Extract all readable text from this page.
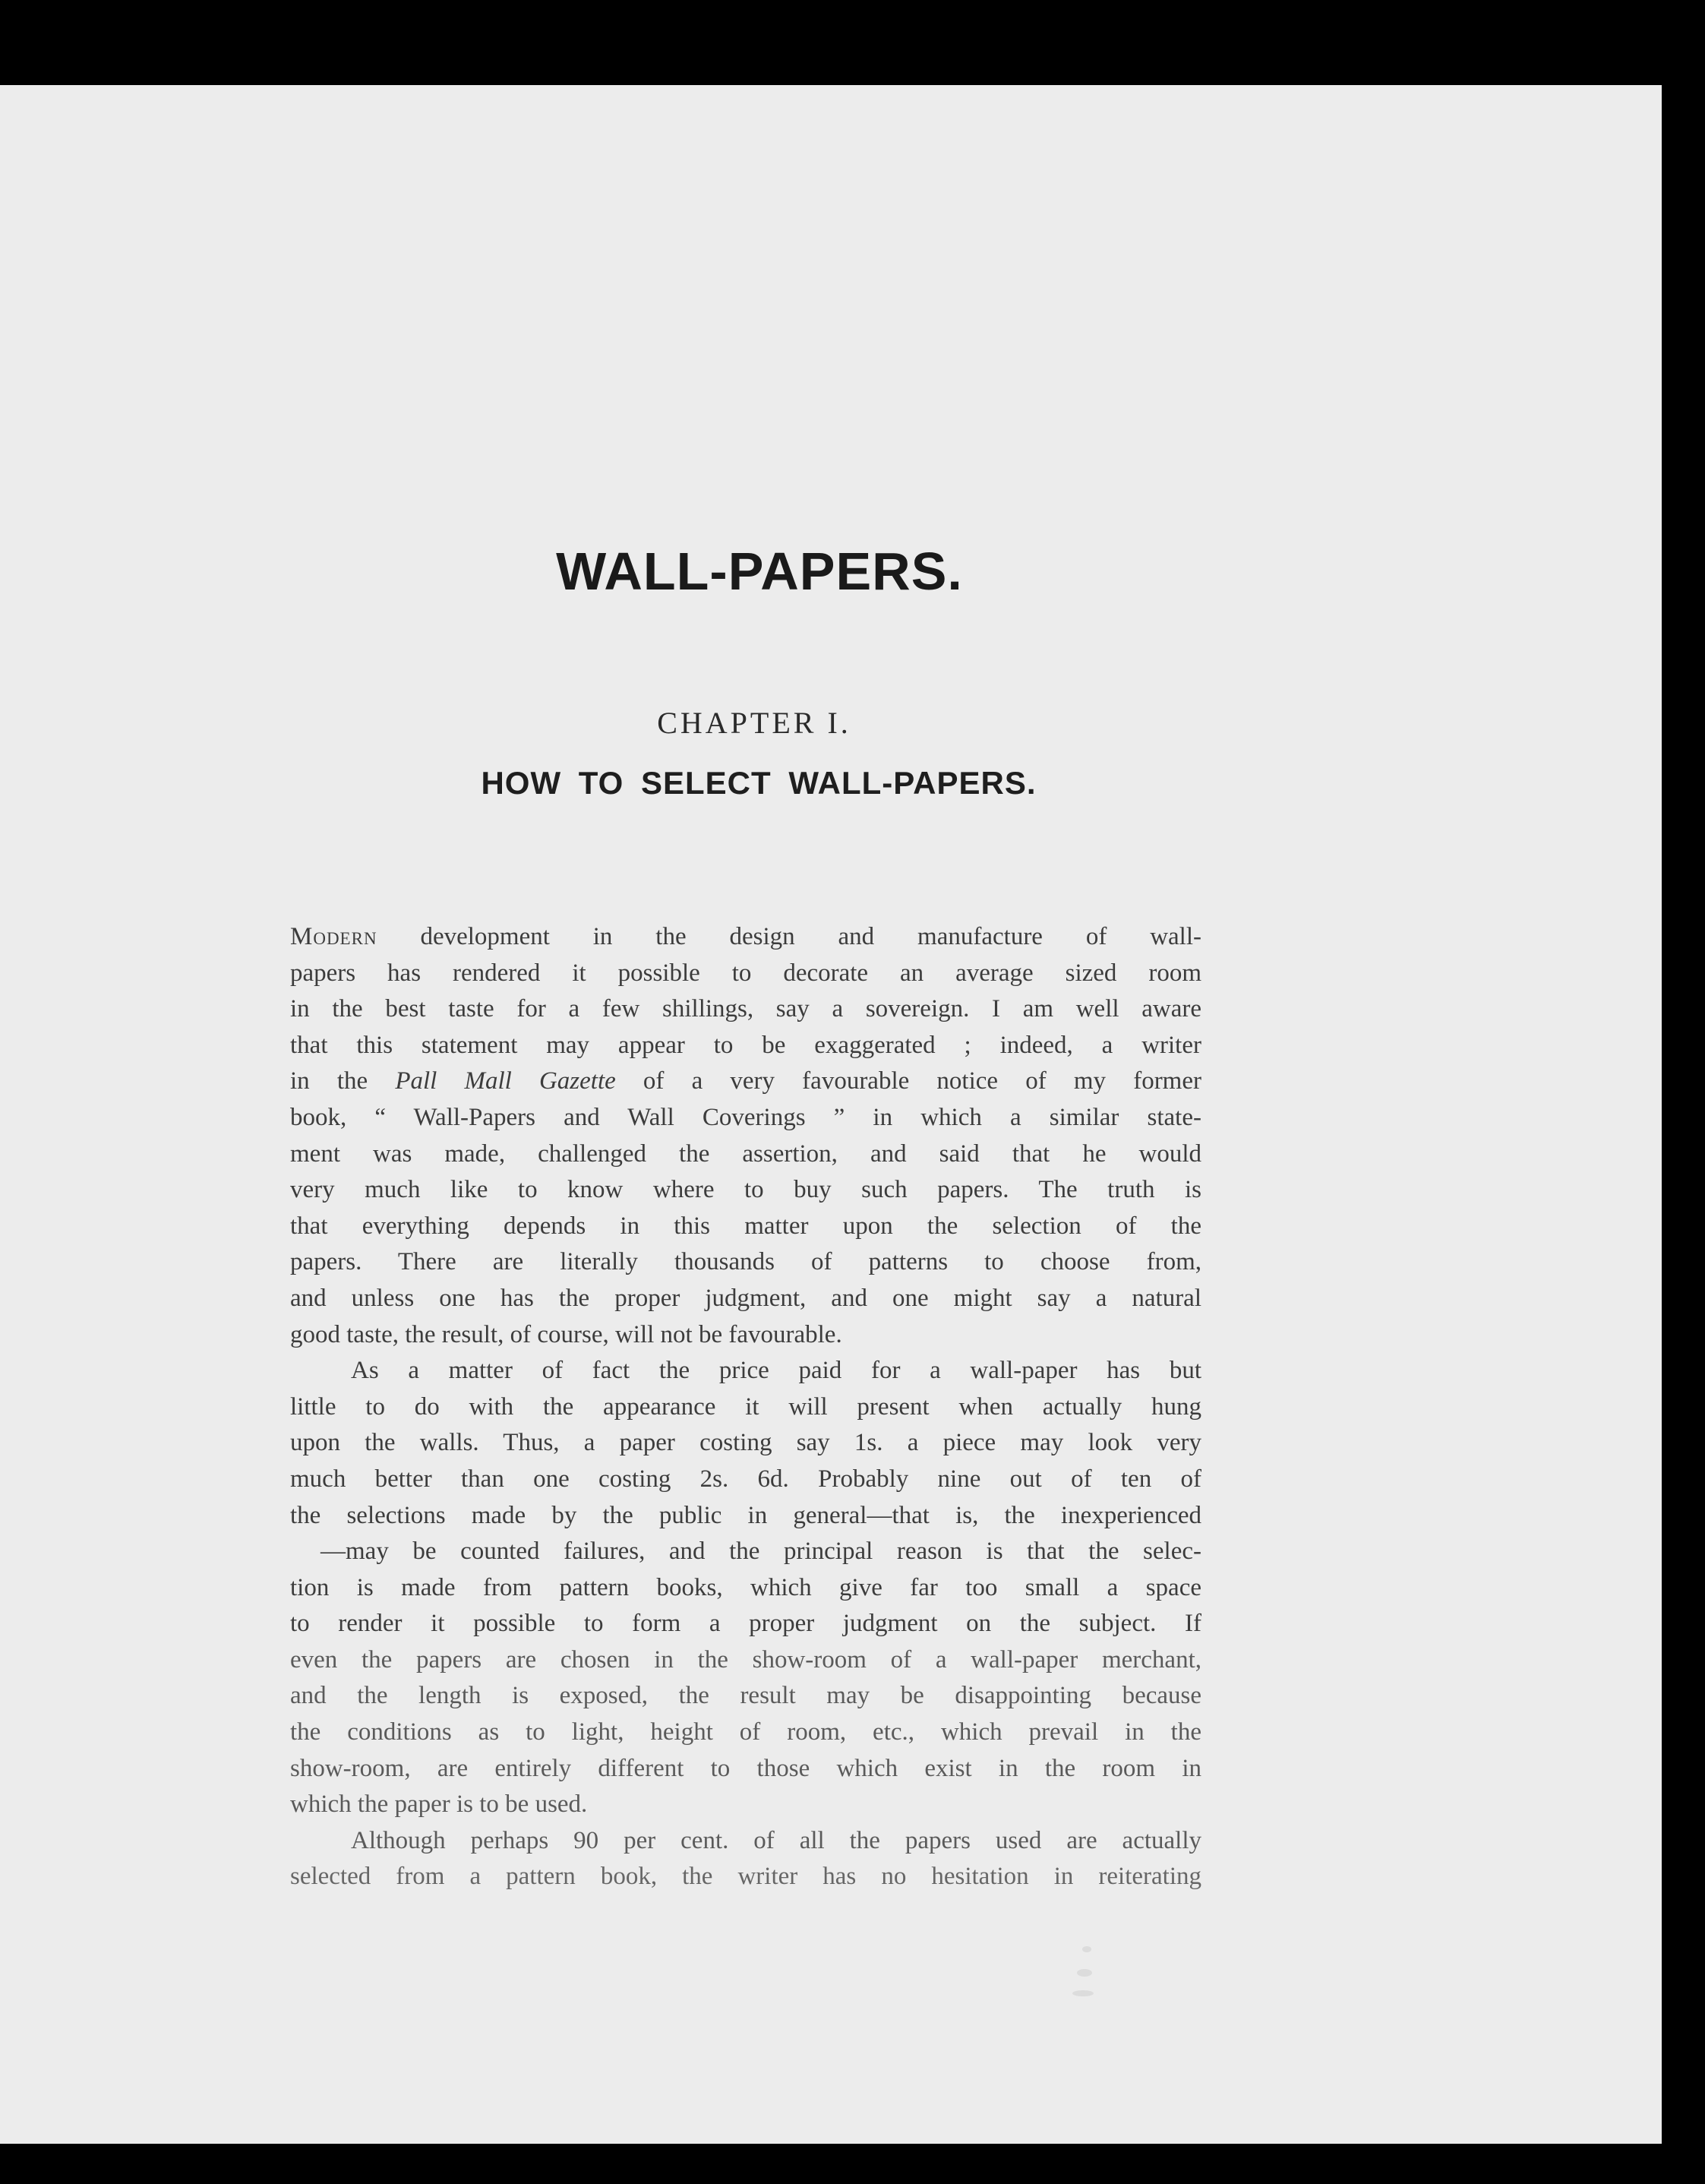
WALL-PAPERS.
CHAPTER I.
HOW TO SELECT WALL-PAPERS.
Modern development in the design and manufacture of wall-
papers has rendered it possible to decorate an average sized room
in the best taste for a few shillings, say a sovereign. I am well aware
that this statement may appear to be exaggerated ; indeed, a writer
in the Pall Mall Gazette of a very favourable notice of my former
book, “ Wall-Papers and Wall Coverings ” in which a similar state-
ment was made, challenged the assertion, and said that he would
very much like to know where to buy such papers. The truth is
that everything depends in this matter upon the selection of the
papers. There are literally thousands of patterns to choose from,
and unless one has the proper judgment, and one might say a natural
good taste, the result, of course, will not be favourable.
As a matter of fact the price paid for a wall-paper has but
little to do with the appearance it will present when actually hung
upon the walls. Thus, a paper costing say 1s. a piece may look very
much better than one costing 2s. 6d. Probably nine out of ten of
the selections made by the public in general—that is, the inexperienced
—may be counted failures, and the principal reason is that the selec-
tion is made from pattern books, which give far too small a space
to render it possible to form a proper judgment on the subject. If
even the papers are chosen in the show-room of a wall-paper merchant,
and the length is exposed, the result may be disappointing because
the conditions as to light, height of room, etc., which prevail in the
show-room, are entirely different to those which exist in the room in
which the paper is to be used.
Although perhaps 90 per cent. of all the papers used are actually
selected from a pattern book, the writer has no hesitation in reiterating
